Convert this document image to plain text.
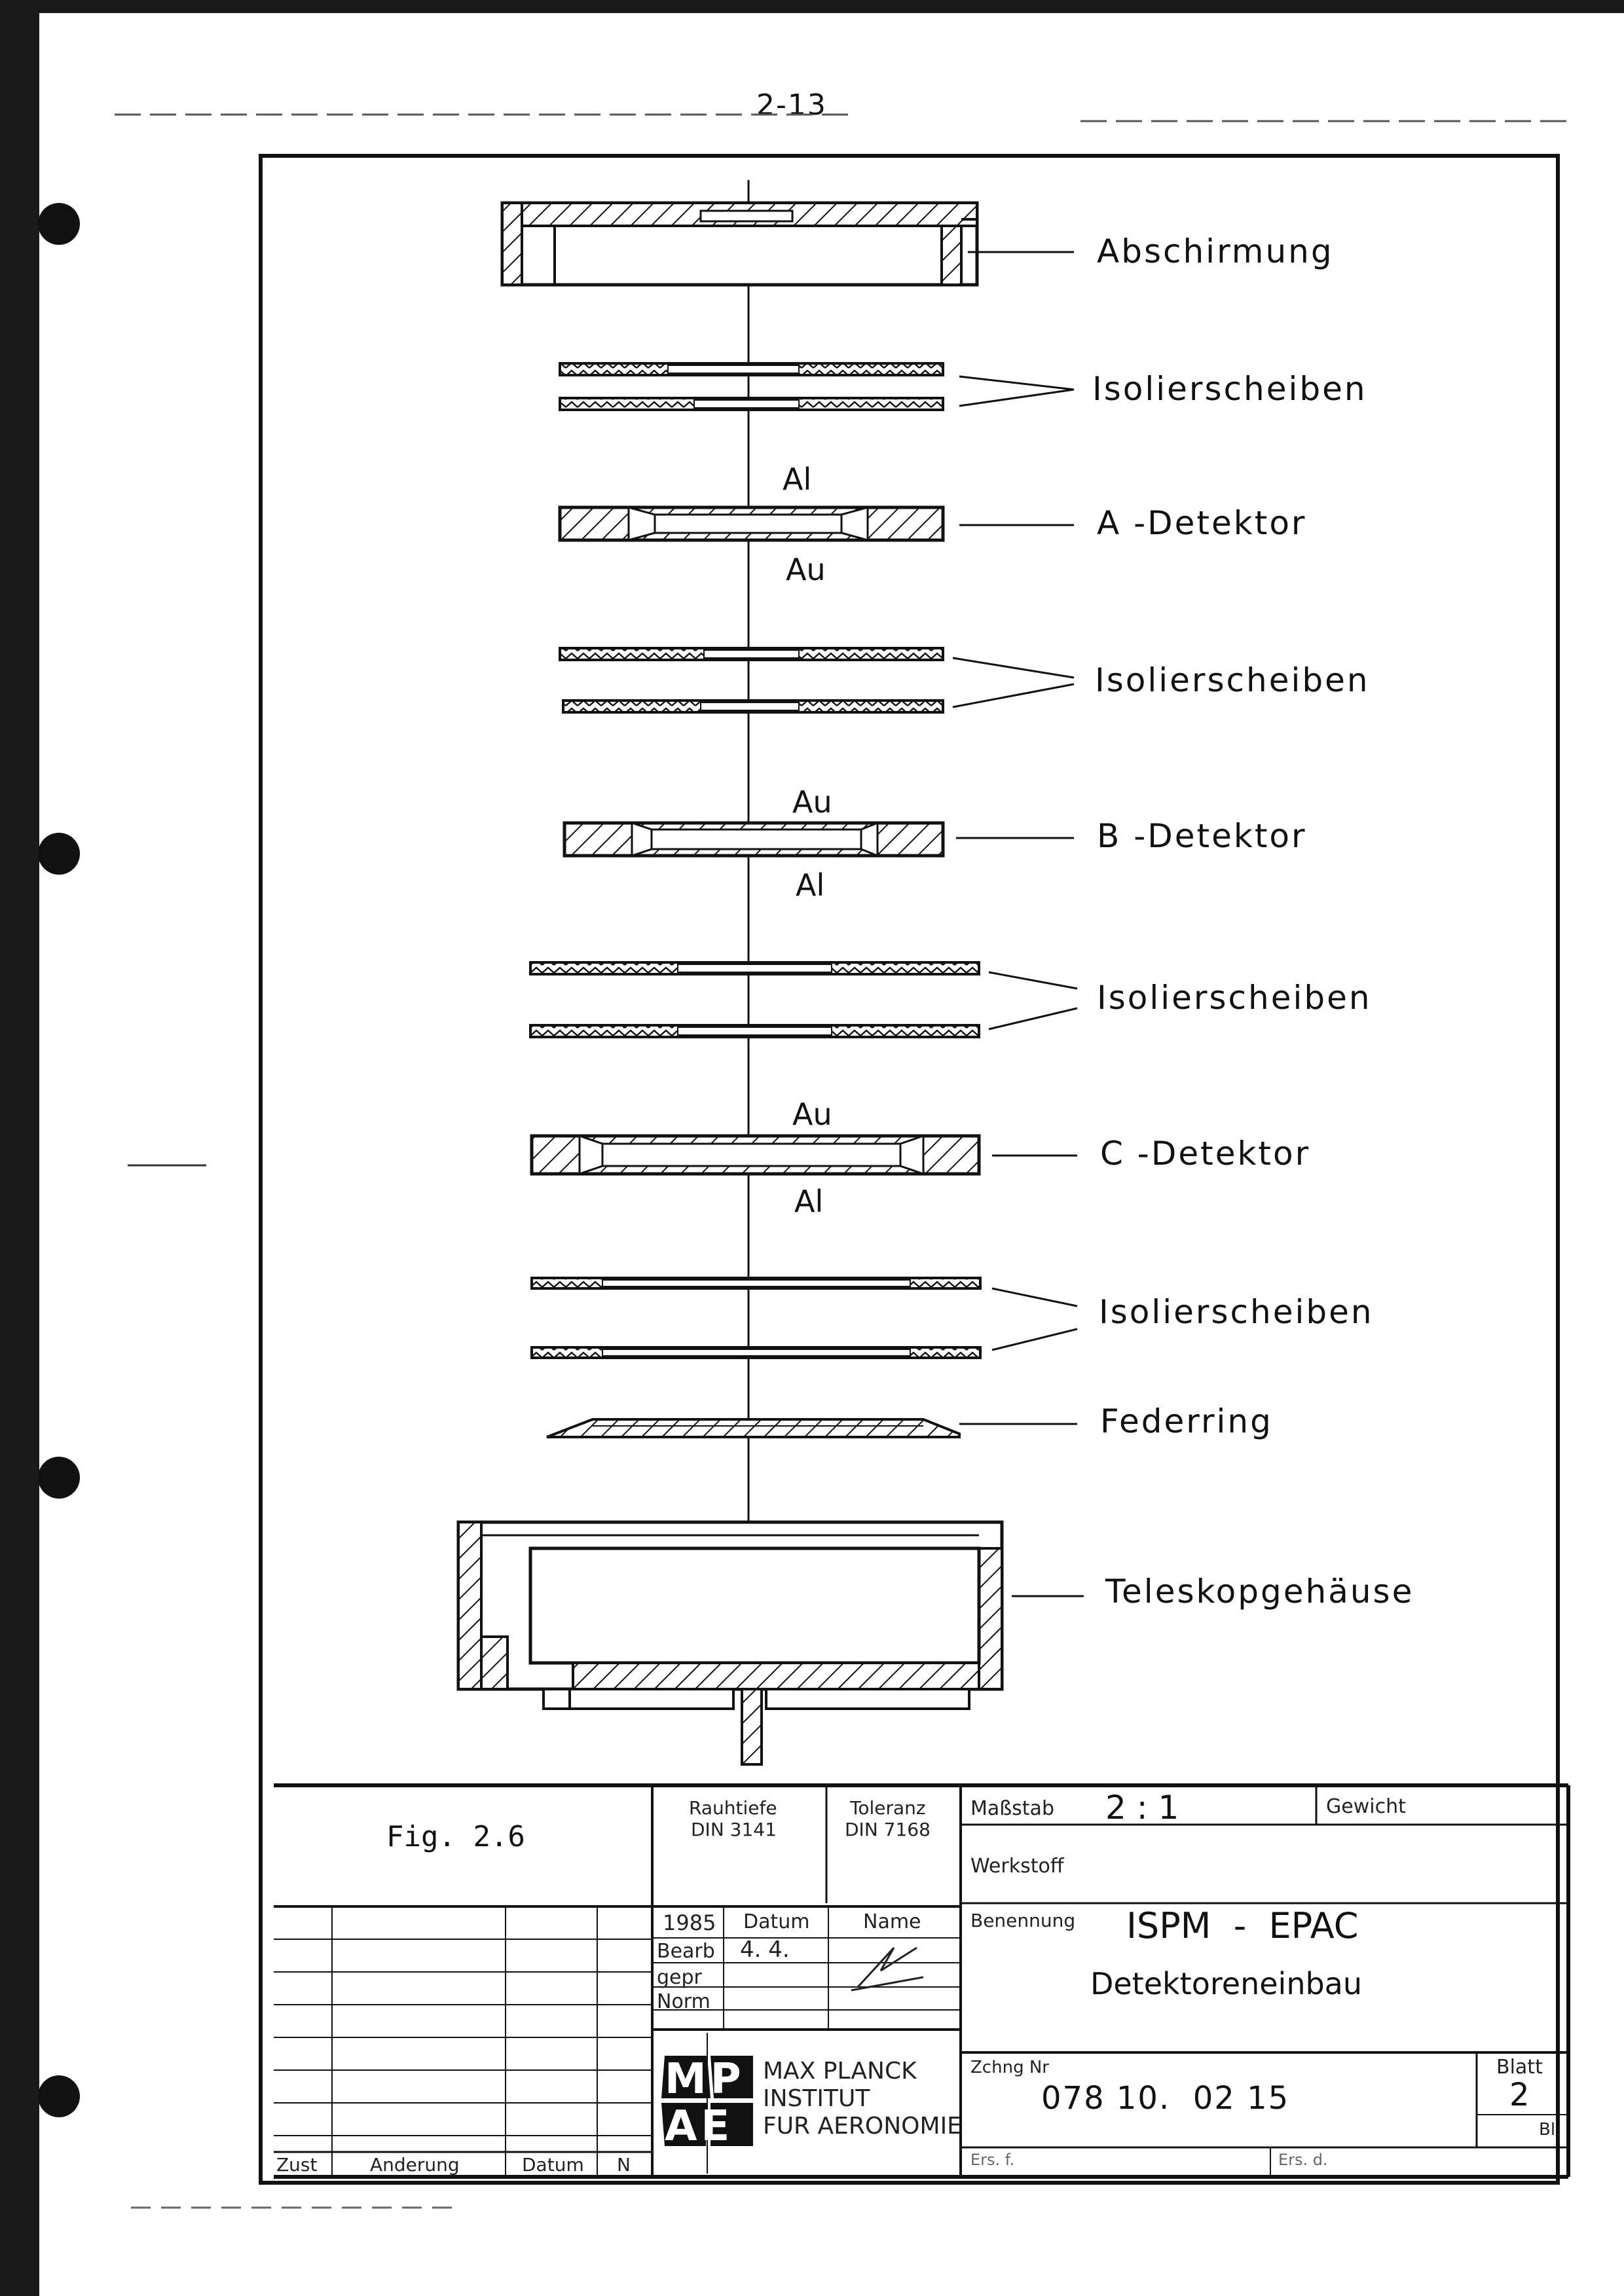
2-13
Abschirmung
Isolierscheiben
Al
A -Detektor
Au
Isolierscheiben
Au
B -Detektor
Al
Isolierscheiben
Au
C -Detektor
Al
Isolierscheiben
Federring
Teleskopgehäuse
Fig. 2.6
Rauhtiefe
DIN 3141
Toleranz
DIN 7168
Maßstab 2 : 1	Gewicht
Werkstoff
Benennung ISPM  -  EPAC
Detektoreneinbau
1985 Datum	Name
Bearb 4. 4.
gepr
Norm
MP
AE
MAX PLANCK
INSTITUT
FUR AERONOMIE
Zchng Nr
078 10.  02 15
Blatt
2
Bl
Ers. f.	Ers. d.
Zust	Anderung	Datum N
